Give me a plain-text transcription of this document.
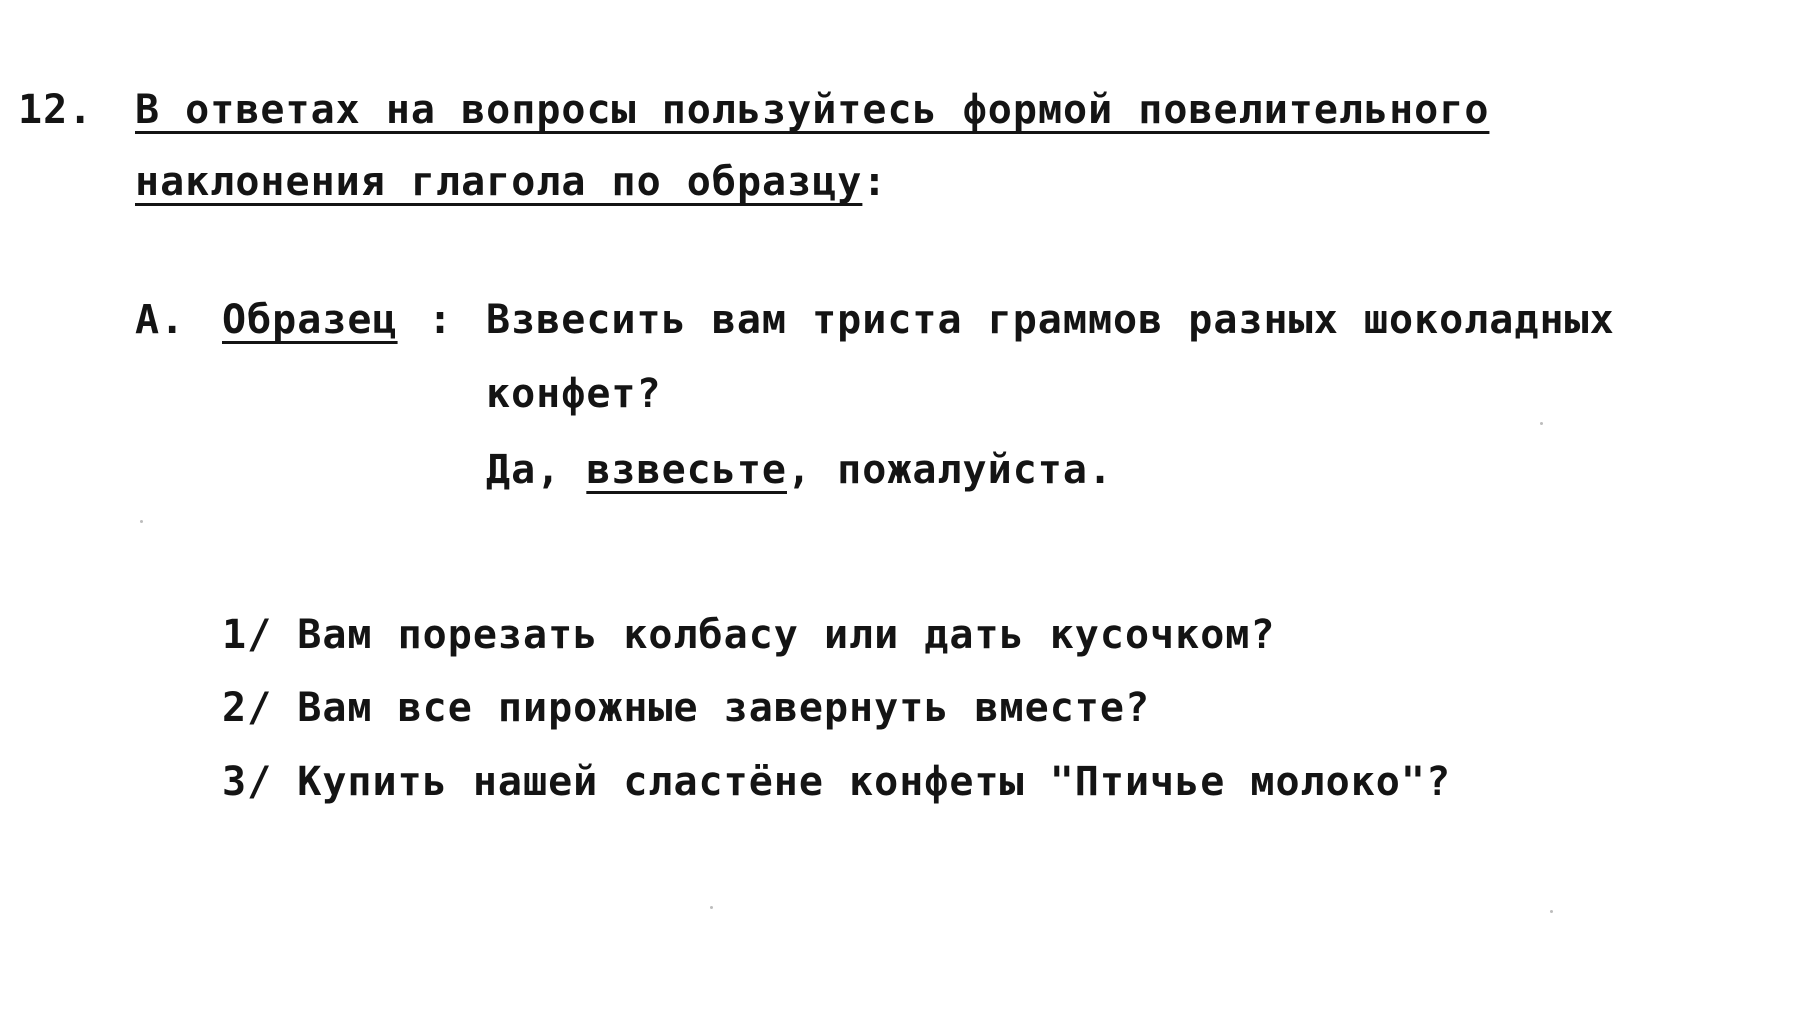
12. В ответах на вопросы пользуйтесь формой повелительного
наклонения глагола по образцу:
А. Образец : Взвесить вам триста граммов разных шоколадных
конфет?
Да, взвесьте, пожалуйста.
1/ Вам порезать колбасу или дать кусочком?
2/ Вам все пирожные завернуть вместе?
3/ Купить нашей сластёне конфеты "Птичье молоко"?
